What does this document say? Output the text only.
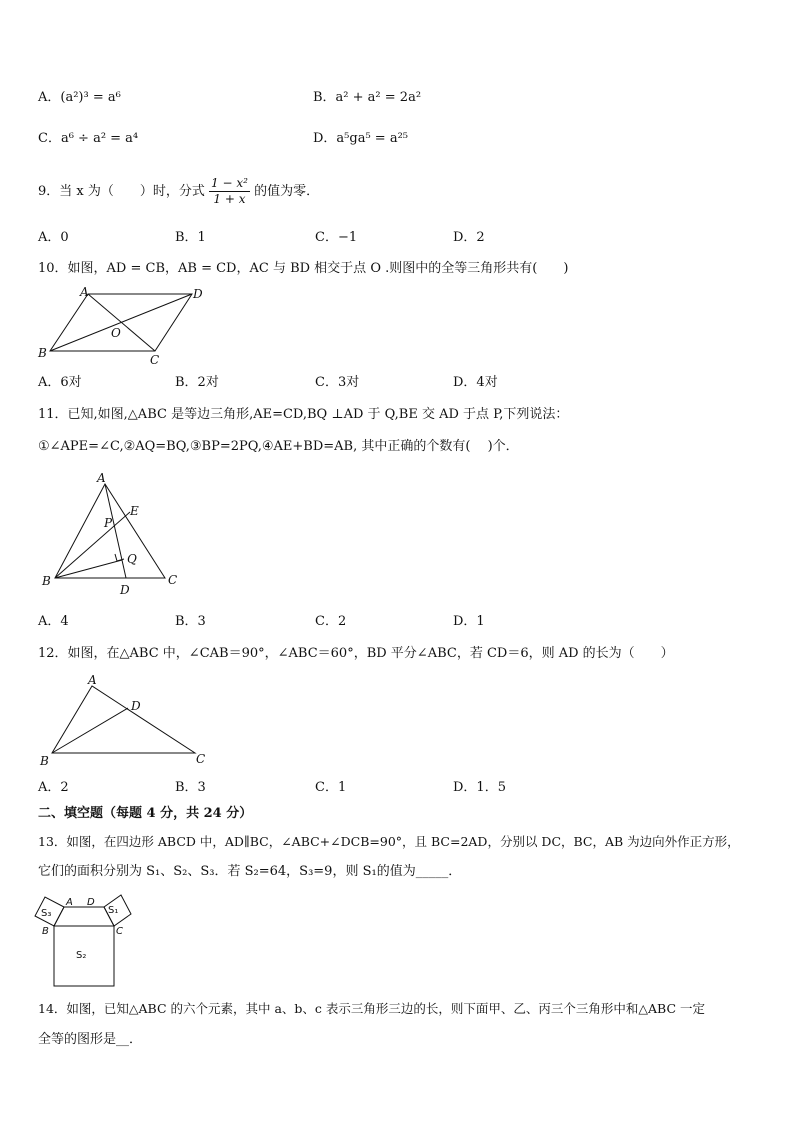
A．(a²)³ = a⁶	B．a² + a² = 2a²
C．a⁶ ÷ a² = a⁴	D．a⁵ga⁵ = a²⁵
9．当 x 为（　　）时，分式 $\frac{\text{1 − x²}}{1 + x}$ 的值为零．
A．0	B．1	C．−1	D．2
10．如图，AD = CB，AB = CD，AC 与 BD 相交于点 O .则图中的全等三角形共有(　　)
A	D
B	C
O
A．6对	B．2对	C．3对	D．4对
11．已知,如图,△ABC 是等边三角形,AE=CD,BQ ⊥AD 于 Q,BE 交 AD 于点 P,下列说法：
①∠APE=∠C,②AQ=BQ,③BP=2PQ,④AE+BD=AB, 其中正确的个数有(　 )个．
A
E
P
Q
B	C
D
A．4	B．3	C．2	D．1
12．如图，在△ABC 中，∠CAB＝90°，∠ABC＝60°，BD 平分∠ABC，若 CD＝6，则 AD 的长为（　　）
A
D
B	C
A．2	B．3	C．1	D．1．5
二、填空题（每题 4 分，共 24 分）
13．如图，在四边形 ABCD 中，AD∥BC，∠ABC+∠DCB=90°，且 BC=2AD，分别以 DC，BC，AB 为边向外作正方形，
它们的面积分别为 S₁、S₂、S₃．若 S₂=64，S₃=9，则 S₁的值为_____．
S₃
A D
S₁
B	C
S₂
14．如图，已知△ABC 的六个元素，其中 a、b、c 表示三角形三边的长，则下面甲、乙、丙三个三角形中和△ABC 一定
全等的图形是__．
